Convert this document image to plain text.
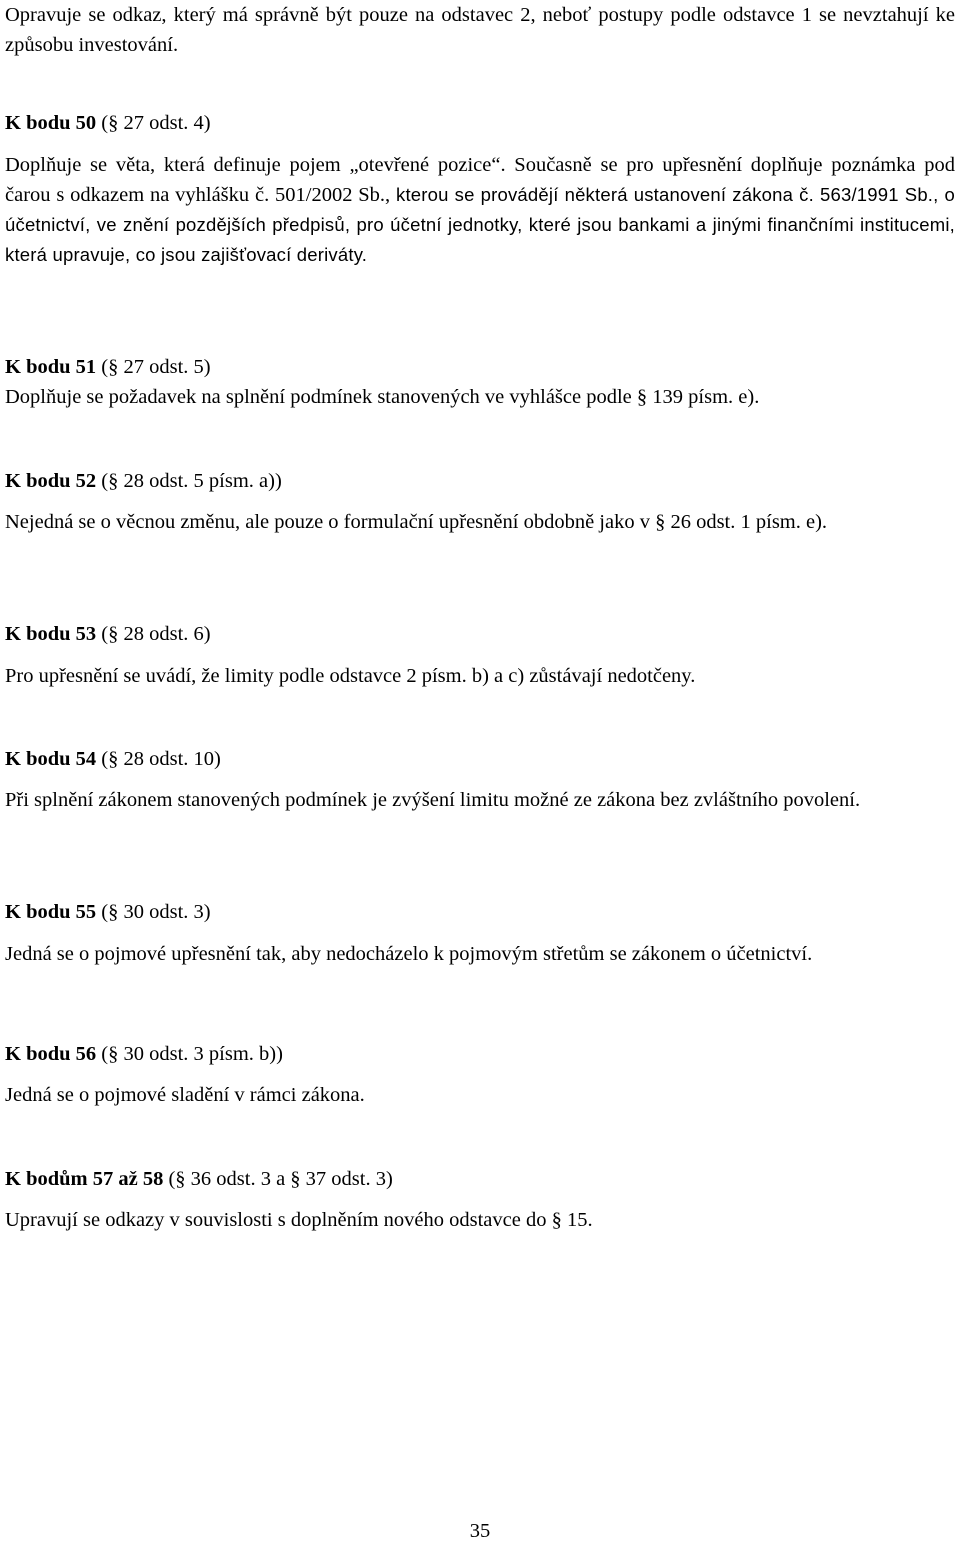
Opravuje se odkaz, který má správně být pouze na odstavec 2, neboť postupy podle odstavce 1 se nevztahují ke způsobu investování.
K bodu 50 (§ 27 odst. 4)
Doplňuje se věta, která definuje pojem „otevřené pozice“. Současně se pro upřesnění doplňuje poznámka pod čarou s odkazem na vyhlášku č. 501/2002 Sb., kterou se provádějí některá ustanovení zákona č. 563/1991 Sb., o účetnictví, ve znění pozdějších předpisů, pro účetní jednotky, které jsou bankami a jinými finančními institucemi, která upravuje, co jsou zajišťovací deriváty.
K bodu 51 (§ 27 odst. 5)
Doplňuje se požadavek na splnění podmínek stanovených ve vyhlášce podle § 139 písm. e).
K bodu 52 (§ 28 odst. 5 písm. a))
Nejedná se o věcnou změnu, ale pouze o formulační upřesnění obdobně jako v § 26 odst. 1 písm. e).
K bodu 53 (§ 28 odst. 6)
Pro upřesnění se uvádí, že limity podle odstavce 2 písm. b) a c) zůstávají nedotčeny.
K bodu 54 (§ 28 odst. 10)
Při splnění zákonem stanovených podmínek je zvýšení limitu možné ze zákona bez zvláštního povolení.
K bodu 55 (§ 30 odst. 3)
Jedná se o pojmové upřesnění tak, aby nedocházelo k pojmovým střetům se zákonem o účetnictví.
K bodu 56 (§ 30 odst. 3 písm. b))
Jedná se o pojmové sladění v rámci zákona.
K bodům 57 až 58 (§ 36 odst. 3 a § 37 odst. 3)
Upravují se odkazy v souvislosti s doplněním nového odstavce do § 15.
35
